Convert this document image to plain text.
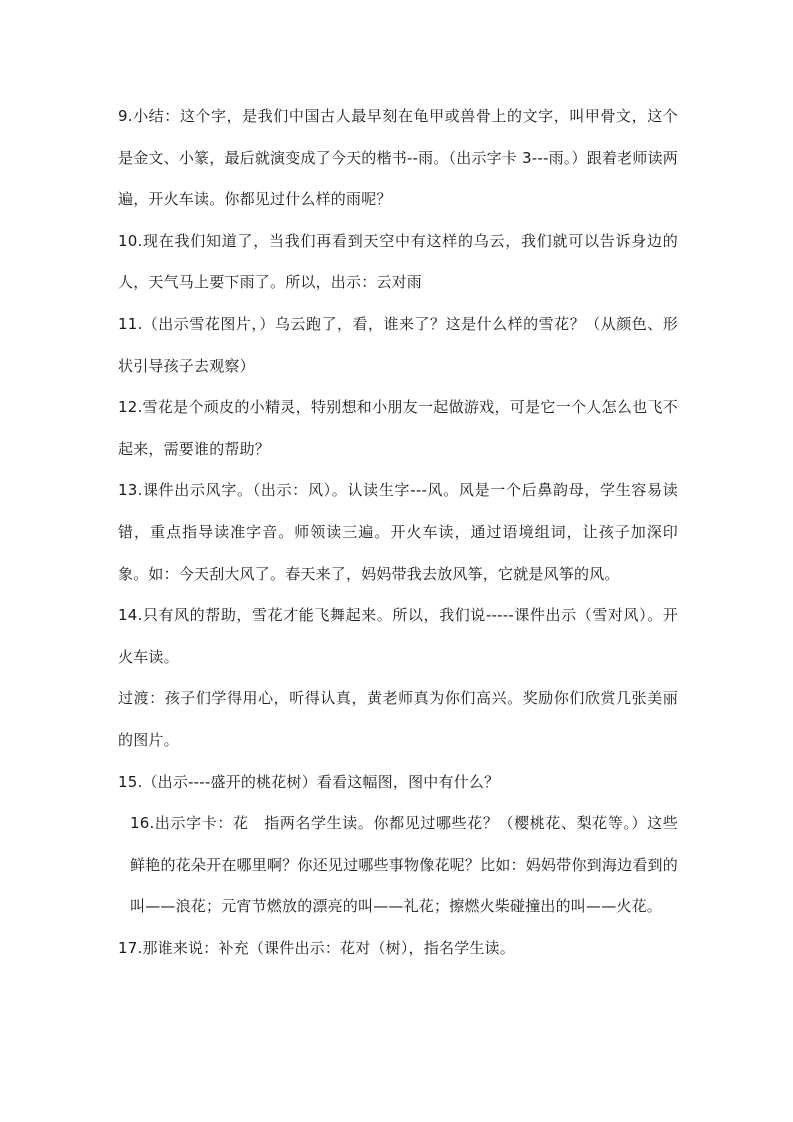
9.小结：这个字，是我们中国古人最早刻在龟甲或兽骨上的文字，叫甲骨文，这个是金文、小篆，最后就演变成了今天的楷书--雨。（出示字卡 3---雨。）跟着老师读两遍，开火车读。你都见过什么样的雨呢？

10.现在我们知道了，当我们再看到天空中有这样的乌云，我们就可以告诉身边的人，天气马上要下雨了。所以，出示：云对雨

11.（出示雪花图片，）乌云跑了，看，谁来了？这是什么样的雪花？（从颜色、形状引导孩子去观察）

12.雪花是个顽皮的小精灵，特别想和小朋友一起做游戏，可是它一个人怎么也飞不起来，需要谁的帮助？

13.课件出示风字。（出示：风）。认读生字---风。风是一个后鼻韵母，学生容易读错，重点指导读准字音。师领读三遍。开火车读，通过语境组词，让孩子加深印象。如：今天刮大风了。春天来了，妈妈带我去放风筝，它就是风筝的风。

14.只有风的帮助，雪花才能飞舞起来。所以，我们说-----课件出示（雪对风）。开火车读。

过渡：孩子们学得用心，听得认真，黄老师真为你们高兴。奖励你们欣赏几张美丽的图片。

15.（出示----盛开的桃花树）看看这幅图，图中有什么？

16.出示字卡：花　指两名学生读。你都见过哪些花？（樱桃花、梨花等。）这些鲜艳的花朵开在哪里啊？你还见过哪些事物像花呢？比如：妈妈带你到海边看到的叫——浪花；元宵节燃放的漂亮的叫——礼花；擦燃火柴碰撞出的叫——火花。

17.那谁来说：补充（课件出示：花对（树），指名学生读。
